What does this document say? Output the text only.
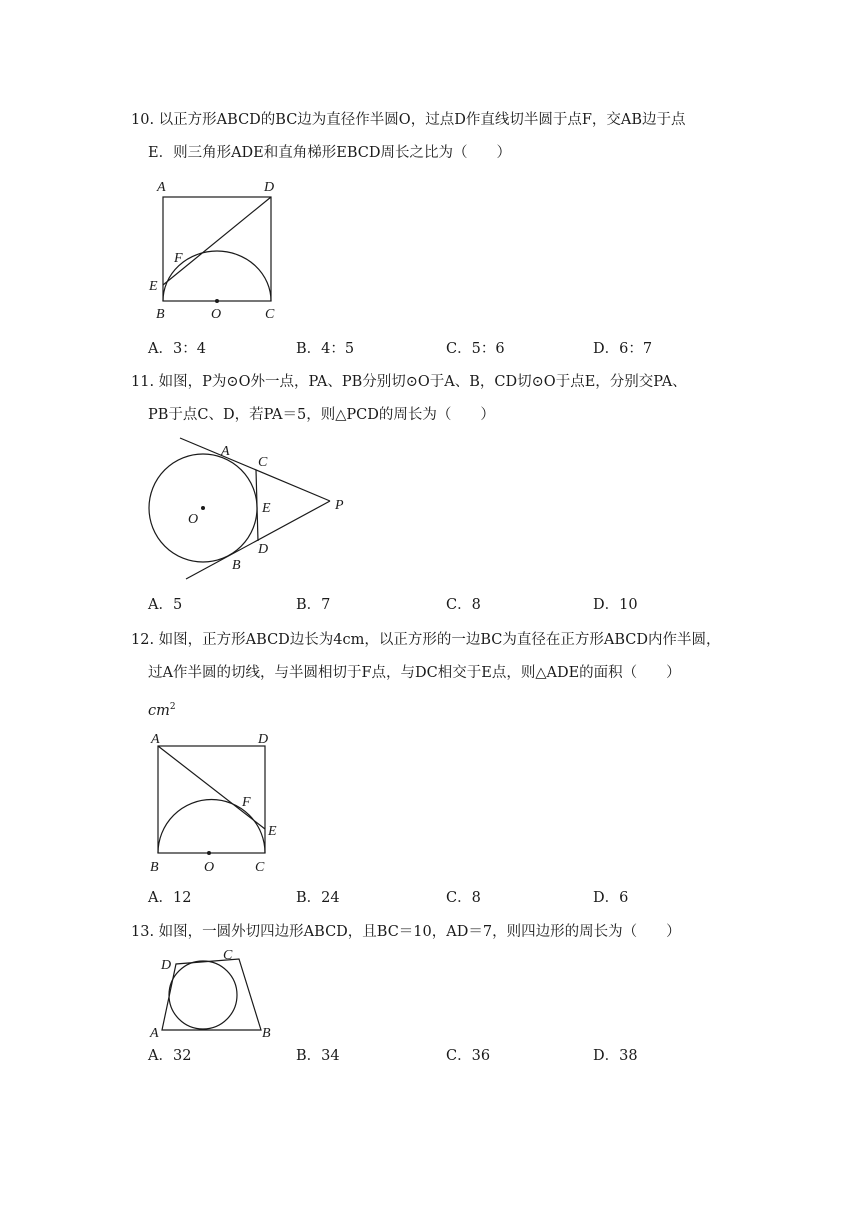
10. 以正方形ABCD的BC边为直径作半圆O，过点D作直线切半圆于点F，交AB边于点
E．则三角形ADE和直角梯形EBCD周长之比为（　　）
A	D
F
E
B	O	C
A．3：4	B．4：5	C．5：6	D．6：7
11. 如图，P为⊙O外一点，PA、PB分别切⊙O于A、B，CD切⊙O于点E，分别交PA、
PB于点C、D，若PA＝5，则△PCD的周长为（　　）
A
C
E	P
O
D
B
A．5	B．7	C．8	D．10
12. 如图，正方形ABCD边长为4cm，以正方形的一边BC为直径在正方形ABCD内作半圆，
过A作半圆的切线，与半圆相切于F点，与DC相交于E点，则△ADE的面积（　　）
$cm^2$
A	D
F
E
B	O	C
A．12	B．24	C．8	D．6
13. 如图，一圆外切四边形ABCD，且BC＝10，AD＝7，则四边形的周长为（　　）
D
C
A	B
A．32	B．34	C．36	D．38
